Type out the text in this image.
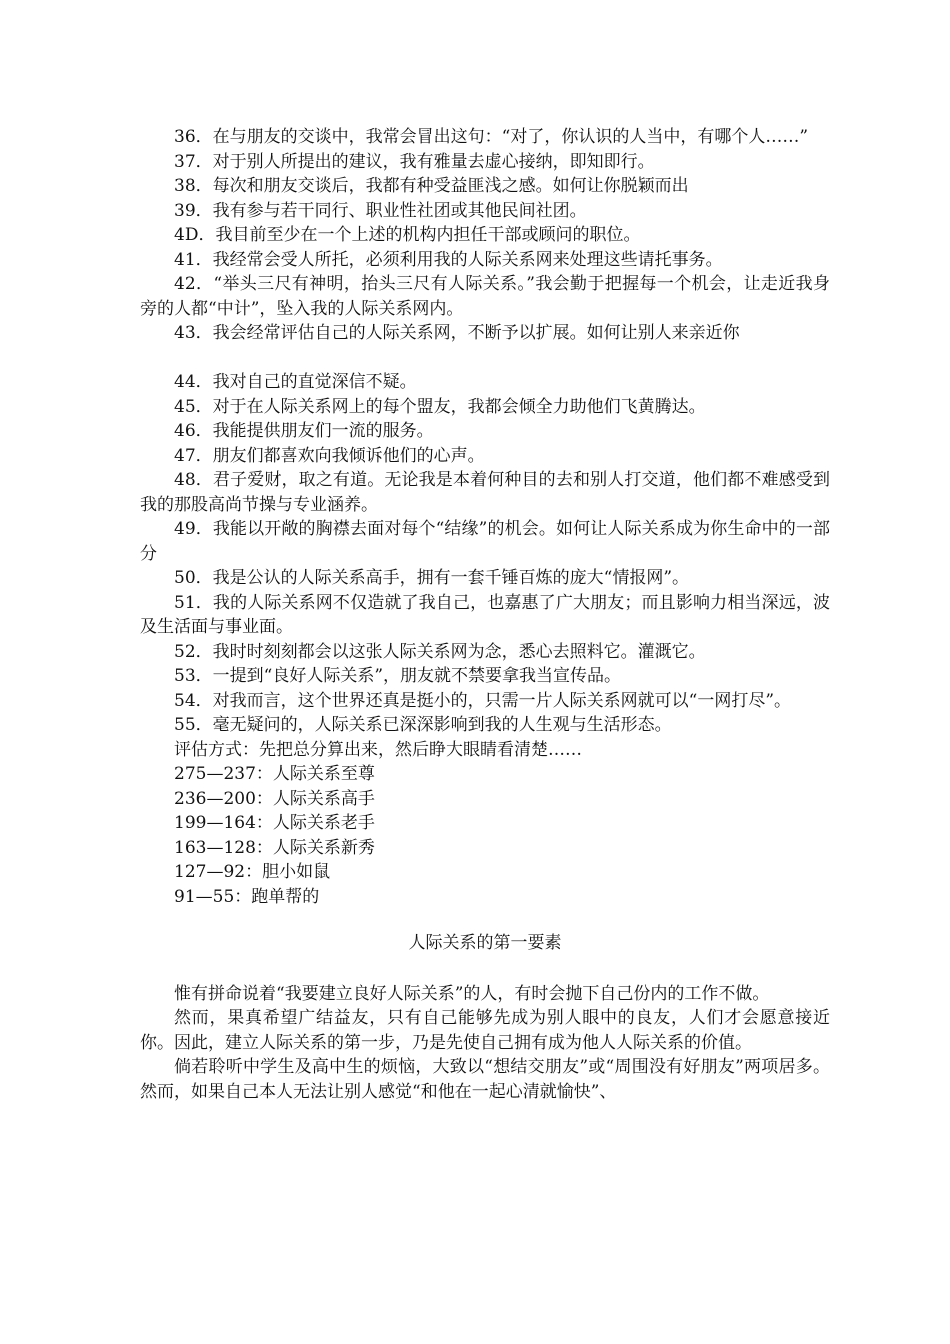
36．在与朋友的交谈中，我常会冒出这句：“对了，你认识的人当中，有哪个人……”

37．对于别人所提出的建议，我有雅量去虚心接纳，即知即行。

38．每次和朋友交谈后，我都有种受益匪浅之感。如何让你脱颖而出

39．我有参与若干同行、职业性社团或其他民间社团。

4D．我目前至少在一个上述的机构内担任干部或顾问的职位。

41．我经常会受人所托，必须利用我的人际关系网来处理这些请托事务。

42．“举头三尺有神明，抬头三尺有人际关系。”我会勤于把握每一个机会，让走近我身旁的人都“中计”，坠入我的人际关系网内。

43．我会经常评估自己的人际关系网，不断予以扩展。如何让别人来亲近你

44．我对自己的直觉深信不疑。

45．对于在人际关系网上的每个盟友，我都会倾全力助他们飞黄腾达。

46．我能提供朋友们一流的服务。

47．朋友们都喜欢向我倾诉他们的心声。

48．君子爱财，取之有道。无论我是本着何种目的去和别人打交道，他们都不难感受到我的那股高尚节操与专业涵养。

49．我能以开敞的胸襟去面对每个“结缘”的机会。如何让人际关系成为你生命中的一部分

50．我是公认的人际关系高手，拥有一套千锤百炼的庞大“情报网”。

51．我的人际关系网不仅造就了我自己，也嘉惠了广大朋友；而且影响力相当深远，波及生活面与事业面。

52．我时时刻刻都会以这张人际关系网为念，悉心去照料它。灌溉它。

53．一提到“良好人际关系”，朋友就不禁要拿我当宣传品。

54．对我而言，这个世界还真是挺小的，只需一片人际关系网就可以“一网打尽”。

55．毫无疑问的，人际关系已深深影响到我的人生观与生活形态。

评估方式：先把总分算出来，然后睁大眼睛看清楚……

275—237：人际关系至尊

236—200：人际关系高手

199—164：人际关系老手

163—128：人际关系新秀

127—92：胆小如鼠

91—55：跑单帮的

人际关系的第一要素

惟有拼命说着“我要建立良好人际关系”的人，有时会抛下自己份内的工作不做。

然而，果真希望广结益友，只有自己能够先成为别人眼中的良友，人们才会愿意接近你。因此，建立人际关系的第一步，乃是先使自己拥有成为他人人际关系的价值。

倘若聆听中学生及高中生的烦恼，大致以“想结交朋友”或“周围没有好朋友”两项居多。然而，如果自己本人无法让别人感觉“和他在一起心清就愉快”、
